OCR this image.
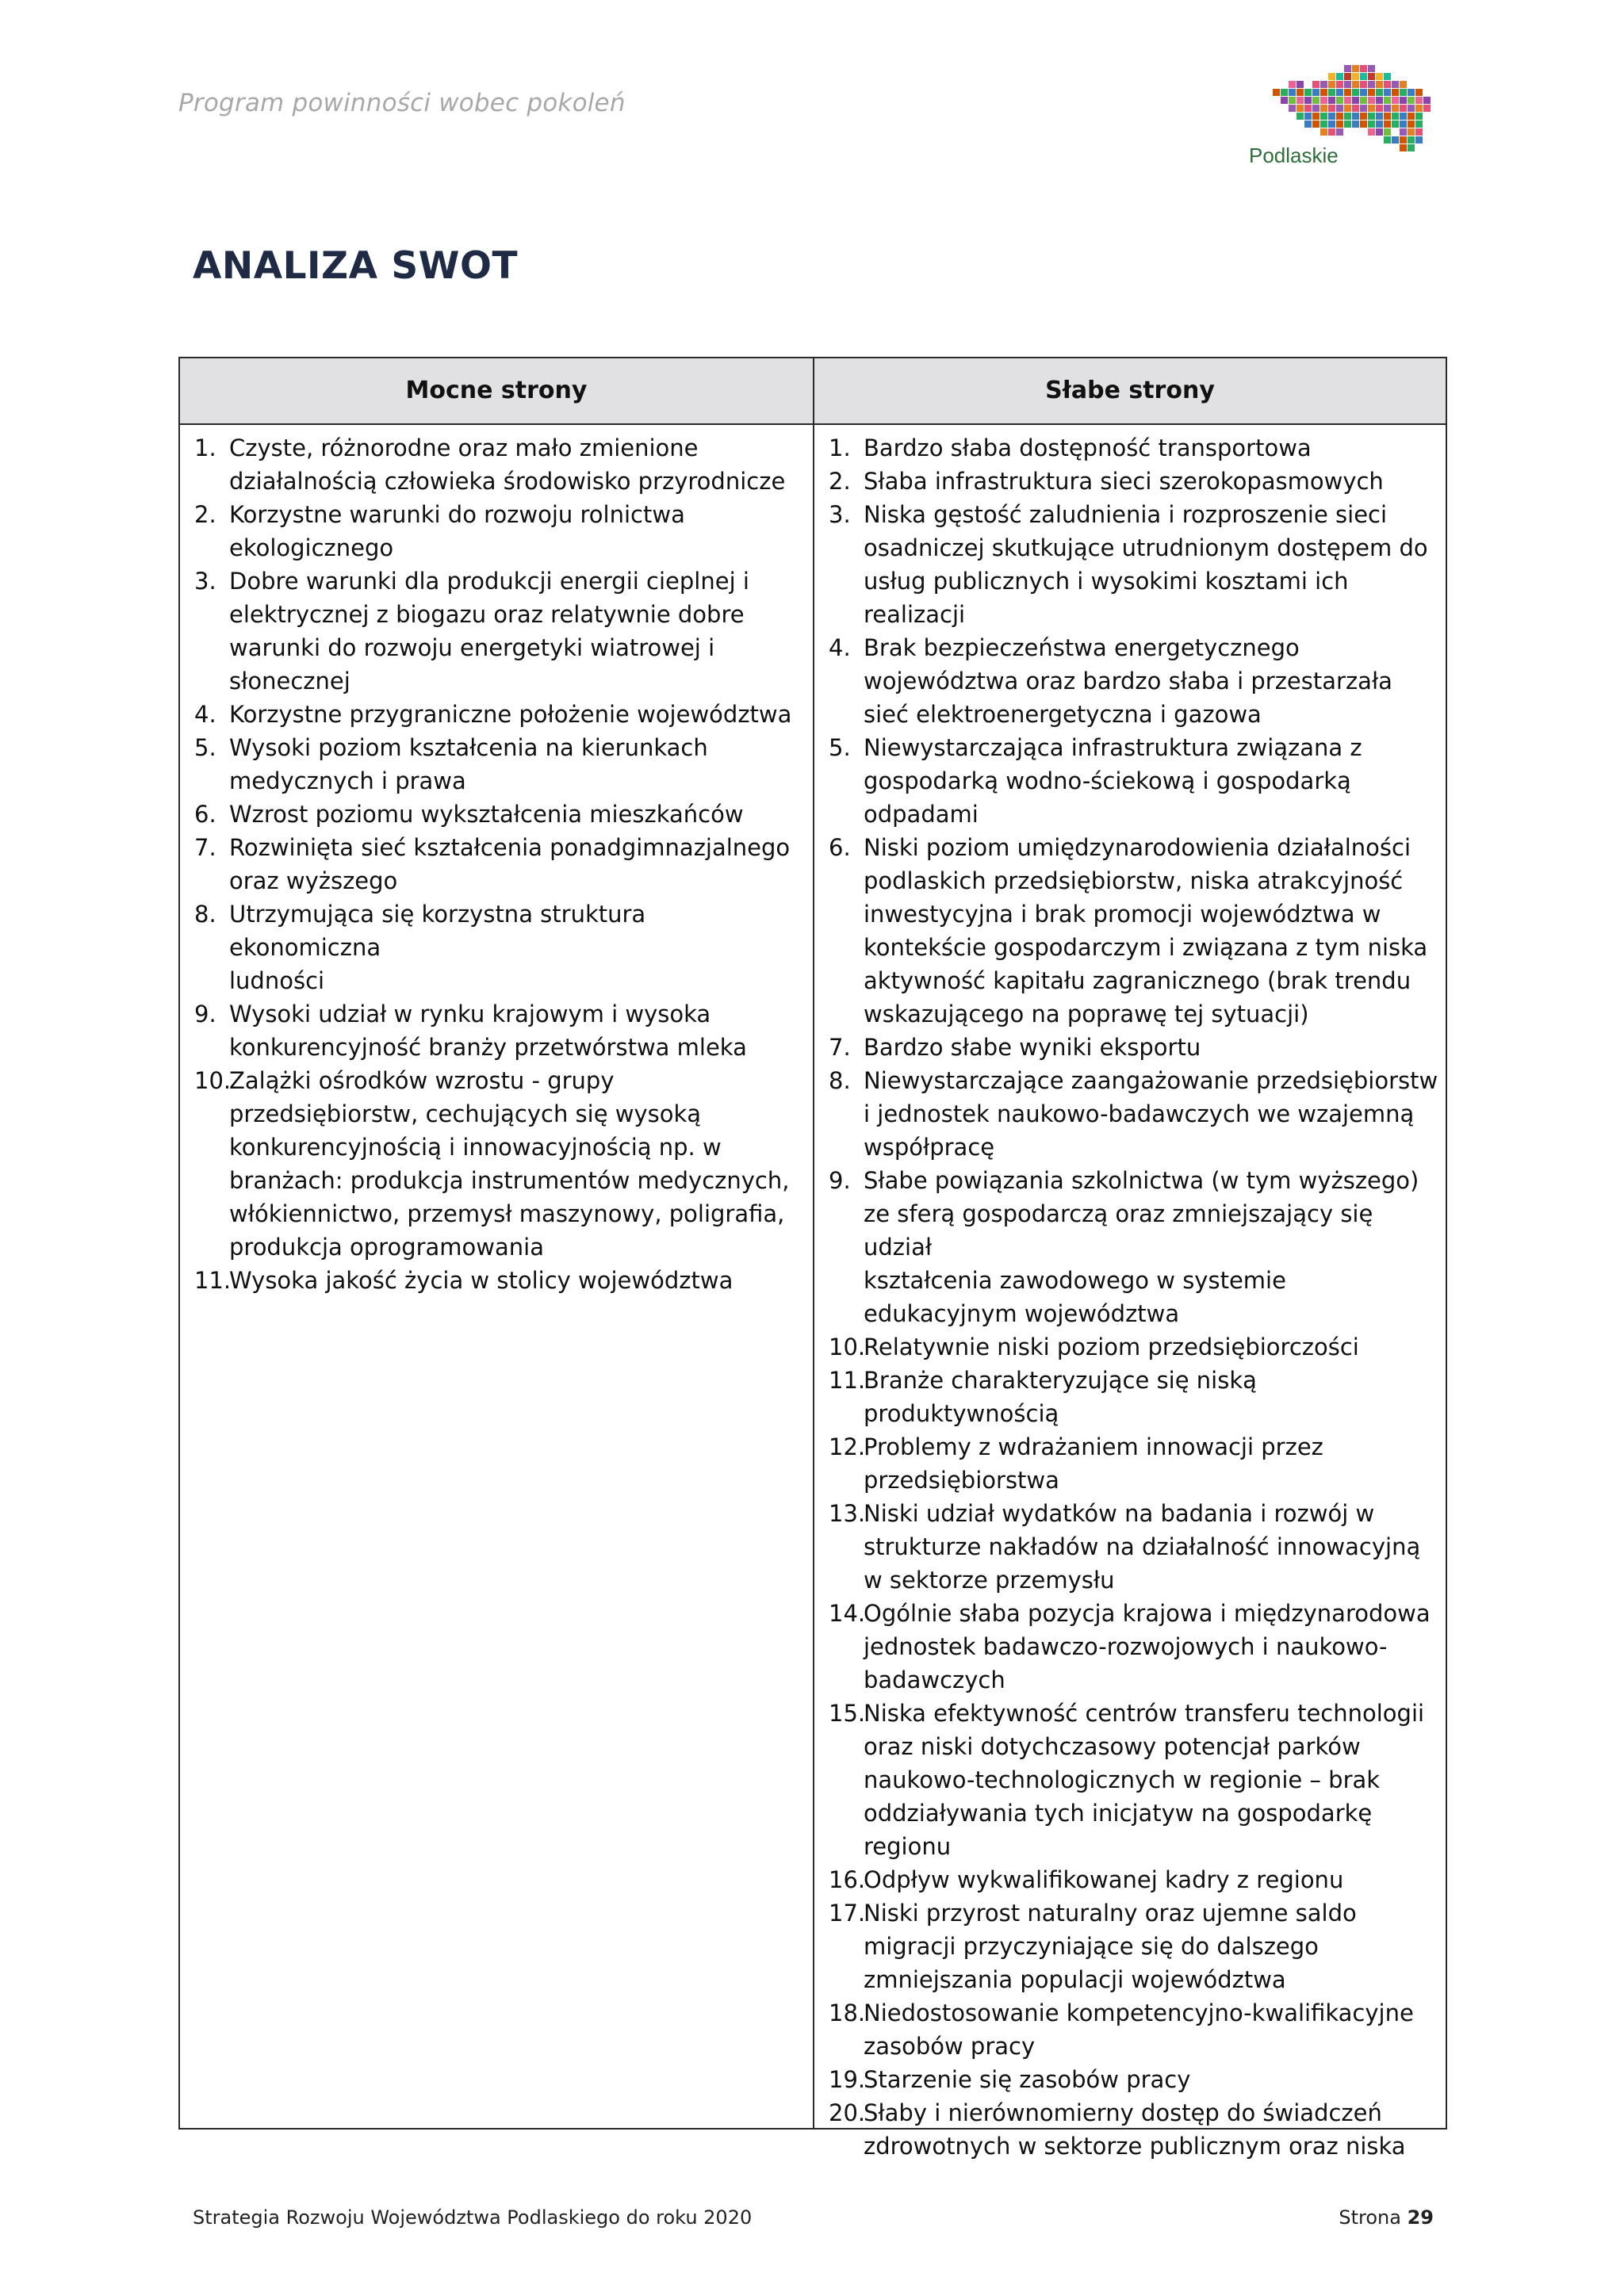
Program powinności wobec pokoleń
Podlaskie
ANALIZA SWOT
Mocne strony	Słabe strony
1. Czyste, różnorodne oraz mało zmienione
działalnością człowieka środowisko przyrodnicze
2. Korzystne warunki do rozwoju rolnictwa
ekologicznego
3. Dobre warunki dla produkcji energii cieplnej i
elektrycznej z biogazu oraz relatywnie dobre
warunki do rozwoju energetyki wiatrowej i
słonecznej
4. Korzystne przygraniczne położenie województwa
5. Wysoki poziom kształcenia na kierunkach
medycznych i prawa
6. Wzrost poziomu wykształcenia mieszkańców
7. Rozwinięta sieć kształcenia ponadgimnazjalnego
oraz wyższego
8. Utrzymująca się korzystna struktura ekonomiczna
ludności
9. Wysoki udział w rynku krajowym i wysoka
konkurencyjność branży przetwórstwa mleka
10.
Zalążki ośrodków wzrostu - grupy
przedsiębiorstw, cechujących się wysoką
konkurencyjnością i innowacyjnością np. w
branżach: produkcja instrumentów medycznych,
włókiennictwo, przemysł maszynowy, poligrafia,
produkcja oprogramowania
11.
Wysoka jakość życia w stolicy województwa
1. Bardzo słaba dostępność transportowa
2. Słaba infrastruktura sieci szerokopasmowych
3. Niska gęstość zaludnienia i rozproszenie sieci
osadniczej skutkujące utrudnionym dostępem do
usług publicznych i wysokimi kosztami ich
realizacji
4. Brak bezpieczeństwa energetycznego
województwa oraz bardzo słaba i przestarzała
sieć elektroenergetyczna i gazowa
5. Niewystarczająca infrastruktura związana z
gospodarką wodno-ściekową i gospodarką
odpadami
6. Niski poziom umiędzynarodowienia działalności
podlaskich przedsiębiorstw, niska atrakcyjność
inwestycyjna i brak promocji województwa w
kontekście gospodarczym i związana z tym niska
aktywność kapitału zagranicznego (brak trendu
wskazującego na poprawę tej sytuacji)
7. Bardzo słabe wyniki eksportu
8. Niewystarczające zaangażowanie przedsiębiorstw
i jednostek naukowo-badawczych we wzajemną
współpracę
9. Słabe powiązania szkolnictwa (w tym wyższego)
ze sferą gospodarczą oraz zmniejszający się udział
kształcenia zawodowego w systemie
edukacyjnym województwa
10.
Relatywnie niski poziom przedsiębiorczości
11.
Branże charakteryzujące się niską
produktywnością
12.
Problemy z wdrażaniem innowacji przez
przedsiębiorstwa
13.
Niski udział wydatków na badania i rozwój w
strukturze nakładów na działalność innowacyjną
w sektorze przemysłu
14.
Ogólnie słaba pozycja krajowa i międzynarodowa
jednostek badawczo-rozwojowych i naukowo-
badawczych
15.
Niska efektywność centrów transferu technologii
oraz niski dotychczasowy potencjał parków
naukowo-technologicznych w regionie – brak
oddziaływania tych inicjatyw na gospodarkę
regionu
16.
Odpływ wykwalifikowanej kadry z regionu
17.
Niski przyrost naturalny oraz ujemne saldo
migracji przyczyniające się do dalszego
zmniejszania populacji województwa
18.
Niedostosowanie kompetencyjno-kwalifikacyjne
zasobów pracy
19.
Starzenie się zasobów pracy
20.
Słaby i nierównomierny dostęp do świadczeń
zdrowotnych w sektorze publicznym oraz niska
Strategia Rozwoju Województwa Podlaskiego do roku 2020	Strona 29
